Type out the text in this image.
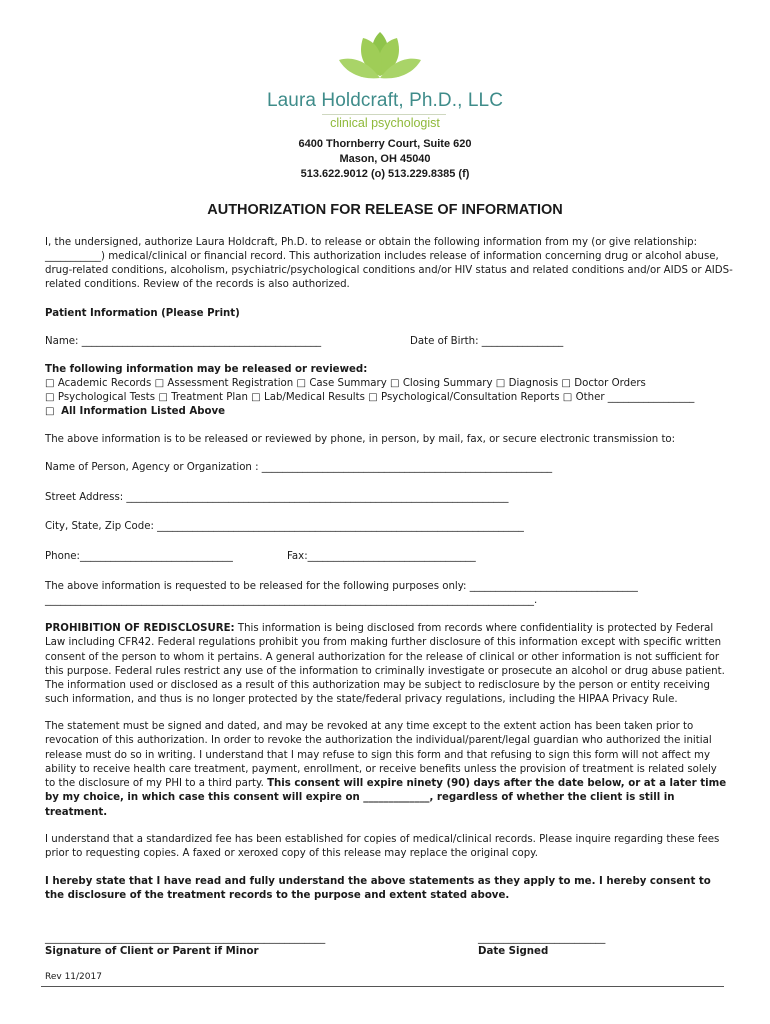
Laura Holdcraft, Ph.D., LLC
clinical psychologist
6400 Thornberry Court, Suite 620
Mason, OH 45040
513.622.9012 (o) 513.229.8385 (f)
AUTHORIZATION FOR RELEASE OF INFORMATION
I, the undersigned, authorize Laura Holdcraft, Ph.D. to release or obtain the following information from my (or give relationship:
___________) medical/clinical or financial record. This authorization includes release of information concerning drug or alcohol abuse,
drug-related conditions, alcoholism, psychiatric/psychological conditions and/or HIV status and related conditions and/or AIDS or AIDS-
related conditions. Review of the records is also authorized.
Patient Information (Please Print)
Name: _______________________________________________	Date of Birth: ________________
The following information may be released or reviewed:
□ Academic Records □ Assessment Registration □ Case Summary □ Closing Summary □ Diagnosis □ Doctor Orders
□ Psychological Tests □ Treatment Plan □ Lab/Medical Results □ Psychological/Consultation Reports □ Other _________________
□ All Information Listed Above
The above information is to be released or reviewed by phone, in person, by mail, fax, or secure electronic transmission to:
Name of Person, Agency or Organization : _________________________________________________________
Street Address: ___________________________________________________________________________
City, State, Zip Code: ________________________________________________________________________
Phone:______________________________	Fax:_________________________________
The above information is requested to be released for the following purposes only: _________________________________
________________________________________________________________________________________________.
PROHIBITION OF REDISCLOSURE: This information is being disclosed from records where confidentiality is protected by Federal Law including CFR42. Federal regulations prohibit you from making further disclosure of this information except with specific written consent of the person to whom it pertains. A general authorization for the release of clinical or other information is not sufficient for this purpose. Federal rules restrict any use of the information to criminally investigate or prosecute an alcohol or drug abuse patient. The information used or disclosed as a result of this authorization may be subject to redisclosure by the person or entity receiving such information, and thus is no longer protected by the state/federal privacy regulations, including the HIPAA Privacy Rule.
The statement must be signed and dated, and may be revoked at any time except to the extent action has been taken prior to revocation of this authorization. In order to revoke the authorization the individual/parent/legal guardian who authorized the initial release must do so in writing. I understand that I may refuse to sign this form and that refusing to sign this form will not affect my ability to receive health care treatment, payment, enrollment, or receive benefits unless the provision of treatment is related solely to the disclosure of my PHI to a third party. This consent will expire ninety (90) days after the date below, or at a later time by my choice, in which case this consent will expire on _____________, regardless of whether the client is still in treatment.
I understand that a standardized fee has been established for copies of medical/clinical records. Please inquire regarding these fees prior to requesting copies. A faxed or xeroxed copy of this release may replace the original copy.
I hereby state that I have read and fully understand the above statements as they apply to me. I hereby consent to the disclosure of the treatment records to the purpose and extent stated above.
_______________________________________________________
Signature of Client or Parent if Minor
_________________________
Date Signed
Rev 11/2017
